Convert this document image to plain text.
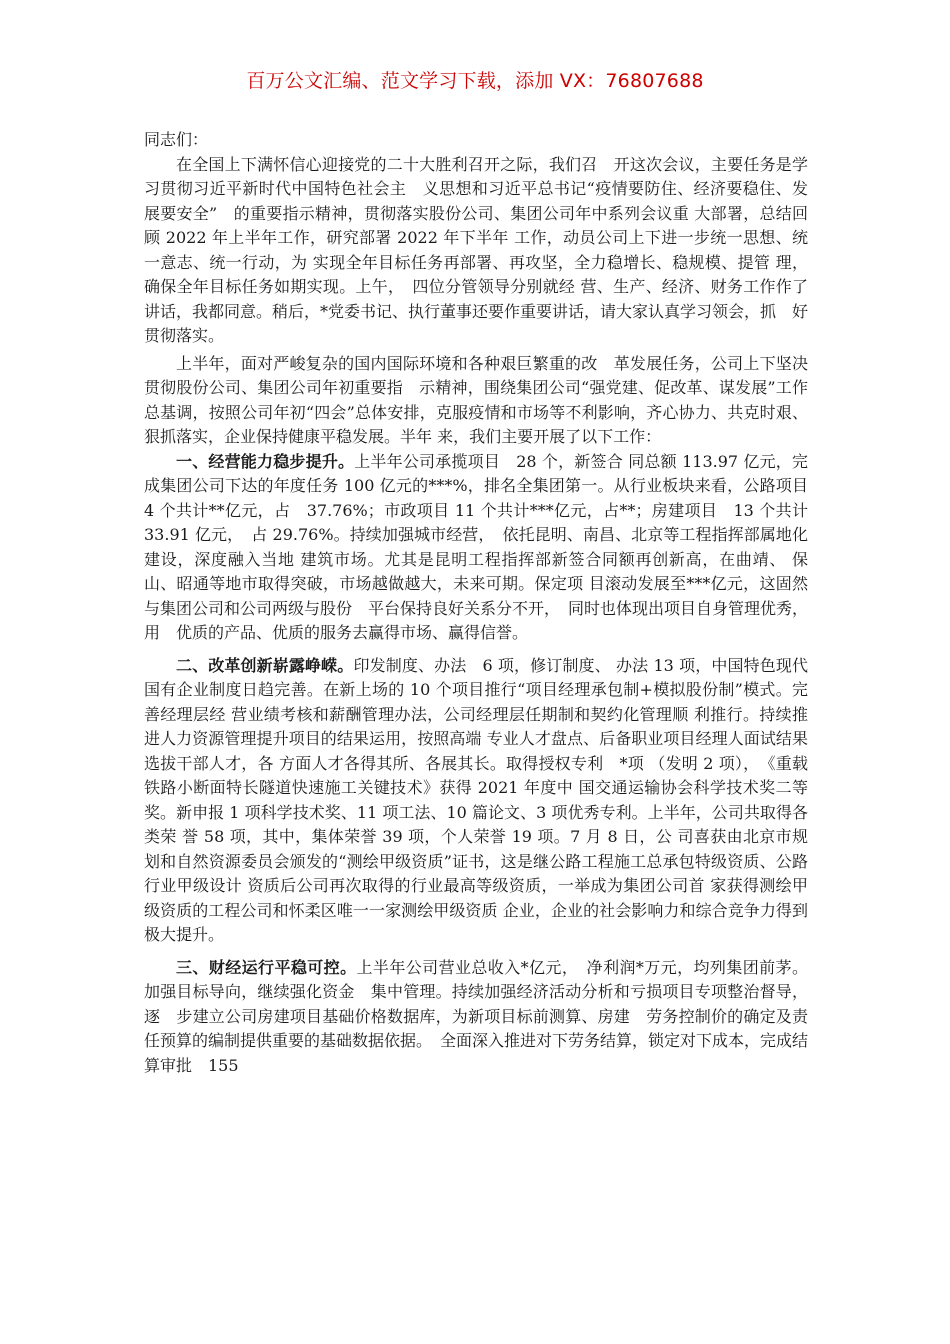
百万公文汇编、范文学习下载，添加 VX：76807688

同志们：

在全国上下满怀信心迎接党的二十大胜利召开之际，我们召　开这次会议，主要任务是学习贯彻习近平新时代中国特色社会主　义思想和习近平总书记“疫情要防住、经济要稳住、发展要安全”　的重要指示精神，贯彻落实股份公司、集团公司年中系列会议重 大部署，总结回顾 2022 年上半年工作，研究部署 2022 年下半年 工作，动员公司上下进一步统一思想、统一意志、统一行动，为 实现全年目标任务再部署、再攻坚，全力稳增长、稳规模、提管 理，确保全年目标任务如期实现。上午，　四位分管领导分别就经 营、生产、经济、财务工作作了讲话，我都同意。稍后，*党委书记、执行董事还要作重要讲话，请大家认真学习领会，抓　好贯彻落实。

上半年，面对严峻复杂的国内国际环境和各种艰巨繁重的改　革发展任务，公司上下坚决贯彻股份公司、集团公司年初重要指　示精神，围绕集团公司“强党建、促改革、谋发展”工作总基调，按照公司年初“四会”总体安排，克服疫情和市场等不利影响，齐心协力、共克时艰、狠抓落实，企业保持健康平稳发展。半年 来，我们主要开展了以下工作：

一、经营能力稳步提升。上半年公司承揽项目　28 个，新签合 同总额 113.97 亿元，完成集团公司下达的年度任务 100 亿元的***%，排名全集团第一。从行业板块来看，公路项目 4 个共计**亿元，占　37.76%；市政项目 11 个共计***亿元，占**；房建项目　13 个共计 33.91 亿元，　占 29.76%。持续加强城市经营，　依托昆明、南昌、北京等工程指挥部属地化建设，深度融入当地 建筑市场。尤其是昆明工程指挥部新签合同额再创新高，在曲靖、 保山、昭通等地市取得突破，市场越做越大，未来可期。保定项 目滚动发展至***亿元，这固然与集团公司和公司两级与股份　平台保持良好关系分不开，　同时也体现出项目自身管理优秀，用　优质的产品、优质的服务去赢得市场、赢得信誉。

二、改革创新崭露峥嵘。印发制度、办法　6 项，修订制度、 办法 13 项，中国特色现代国有企业制度日趋完善。在新上场的 10 个项目推行“项目经理承包制+模拟股份制”模式。完善经理层经 营业绩考核和薪酬管理办法，公司经理层任期制和契约化管理顺 利推行。持续推进人力资源管理提升项目的结果运用，按照高端 专业人才盘点、后备职业项目经理人面试结果选拔干部人才，各 方面人才各得其所、各展其长。取得授权专利　*项 （发明 2 项），　《重载铁路小断面特长隧道快速施工关键技术》获得 2021 年度中 国交通运输协会科学技术奖二等奖。新申报 1 项科学技术奖、11 项工法、10 篇论文、3 项优秀专利。上半年，公司共取得各类荣 誉 58 项，其中，集体荣誉 39 项，个人荣誉 19 项。7 月 8 日，公 司喜获由北京市规划和自然资源委员会颁发的“测绘甲级资质”证书，这是继公路工程施工总承包特级资质、公路行业甲级设计 资质后公司再次取得的行业最高等级资质，一举成为集团公司首 家获得测绘甲级资质的工程公司和怀柔区唯一一家测绘甲级资质 企业，企业的社会影响力和综合竞争力得到极大提升。

三、财经运行平稳可控。上半年公司营业总收入*亿元，　净利润*万元，均列集团前茅。加强目标导向，继续强化资金　集中管理。持续加强经济活动分析和亏损项目专项整治督导，逐　步建立公司房建项目基础价格数据库，为新项目标前测算、房建　劳务控制价的确定及责任预算的编制提供重要的基础数据依据。　全面深入推进对下劳务结算，锁定对下成本，完成结算审批　155
